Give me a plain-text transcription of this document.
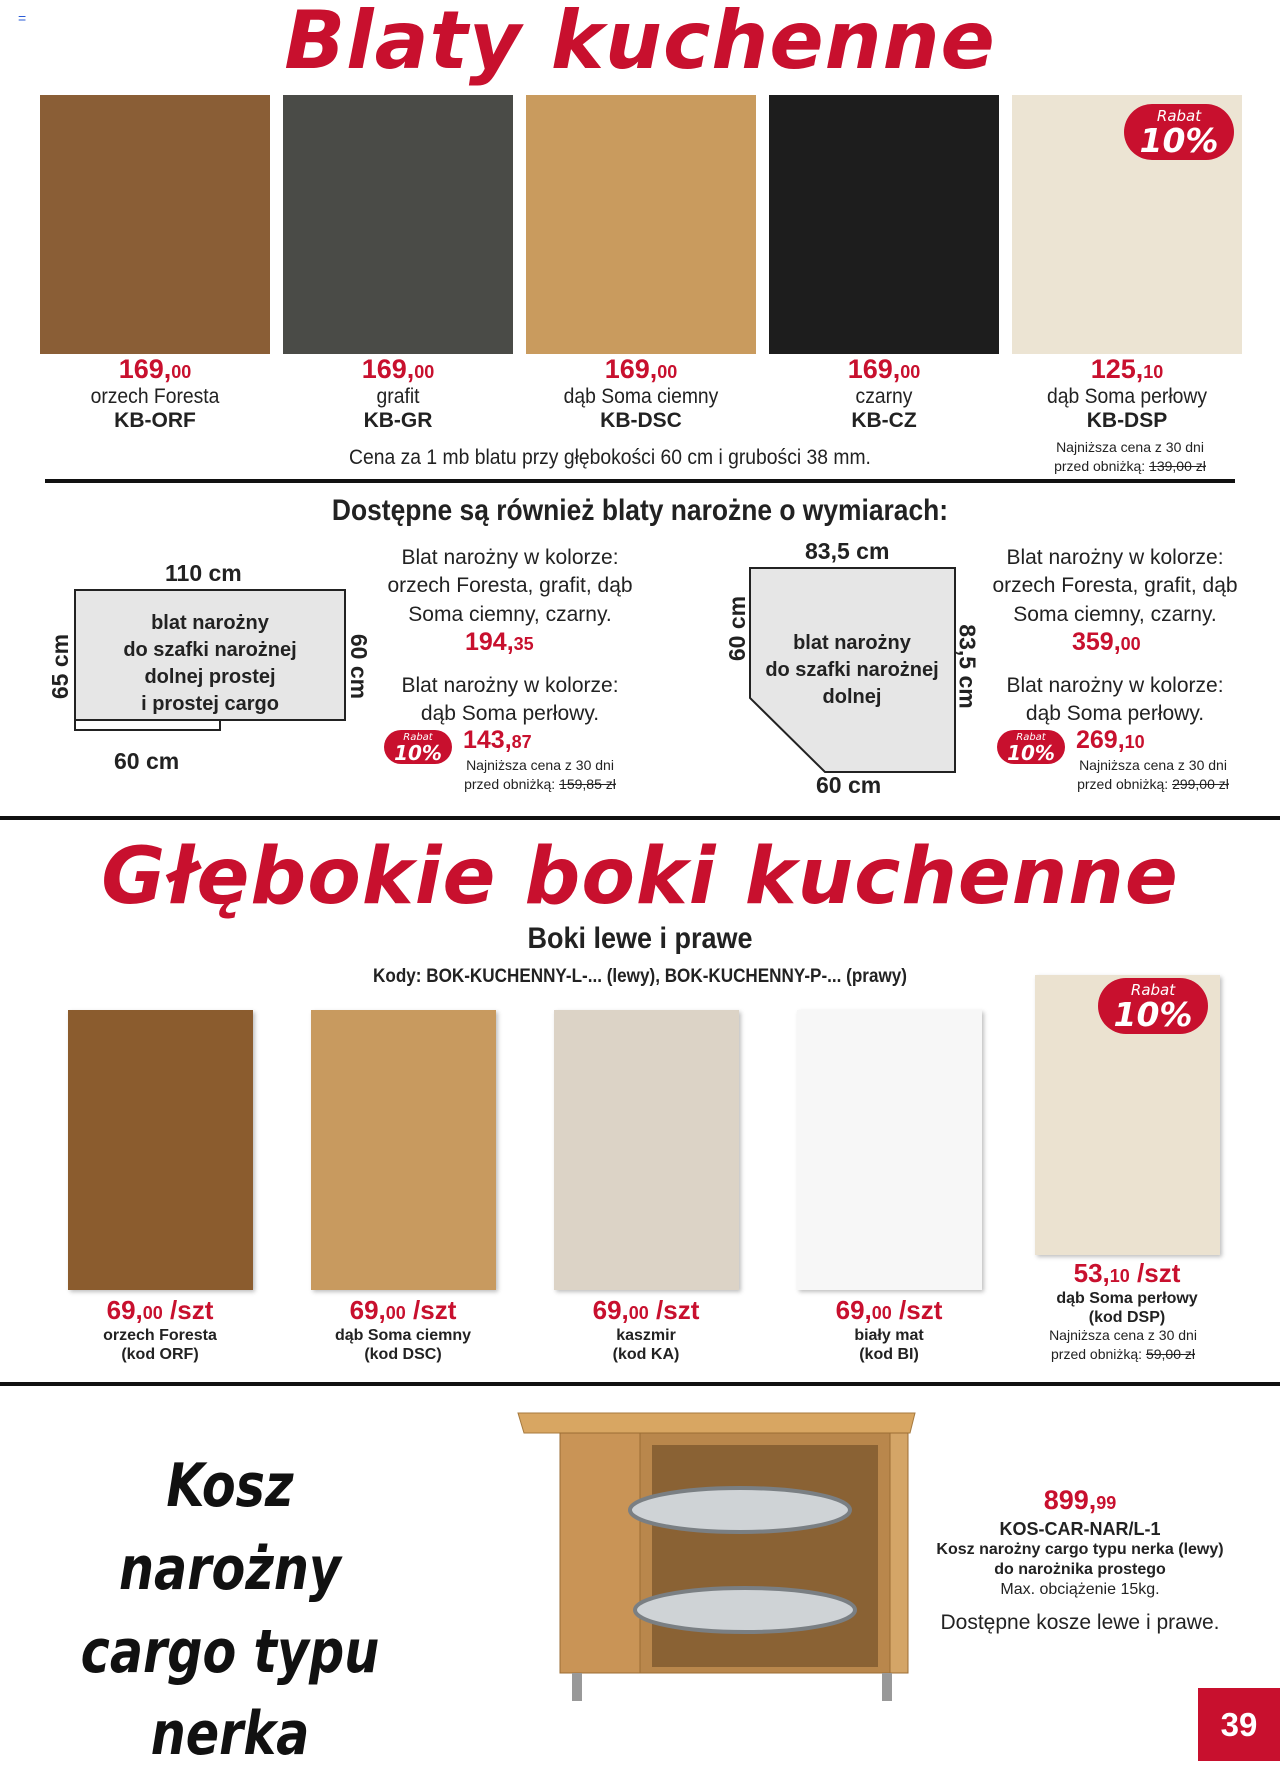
=	Blaty kuchenne
169,00
orzech Foresta
KB-ORF
169,00
grafit
KB-GR
169,00
dąb Soma ciemny
KB-DSC
169,00
czarny
KB-CZ
125,10
dąb Soma perłowy
KB-DSP
Rabat
10%
Cena za 1 mb blatu przy głębokości 60 cm i grubości 38 mm.	Najniższa cena z 30 dni
przed obniżką: 139,00 zł
Dostępne są również blaty narożne o wymiarach:
110 cm
65 cm	60 cm
60 cm
blat narożny
do szafki narożnej
dolnej prostej
i prostej cargo
Blat narożny w kolorze:
orzech Foresta, grafit, dąb
Soma ciemny, czarny.
194,35
Blat narożny w kolorze:
dąb Soma perłowy.
Rabat
10% 143,87
Najniższa cena z 30 dni
przed obniżką: 159,85 zł
83,5 cm
60 cm	83,5 cm
60 cm
blat narożny
do szafki narożnej
dolnej
Blat narożny w kolorze:
orzech Foresta, grafit, dąb
Soma ciemny, czarny.
359,00
Blat narożny w kolorze:
dąb Soma perłowy.
Rabat
10% 269,10
Najniższa cena z 30 dni
przed obniżką: 299,00 zł
Głębokie boki kuchenne
Boki lewe i prawe
Kody: BOK-KUCHENNY-L-... (lewy), BOK-KUCHENNY-P-... (prawy)
69,00 /szt
orzech Foresta
(kod ORF)
69,00 /szt
dąb Soma ciemny
(kod DSC)
69,00 /szt
kaszmir
(kod KA)
69,00 /szt
biały mat
(kod BI)
53,10 /szt
dąb Soma perłowy
(kod DSP)
Rabat
10%
Najniższa cena z 30 dni
przed obniżką: 59,00 zł
Kosz narożny
cargo typu
nerka
899,99
KOS-CAR-NAR/L-1
Kosz narożny cargo typu nerka (lewy)
do narożnika prostego
Max. obciążenie 15kg.
Dostępne kosze lewe i prawe.
39
